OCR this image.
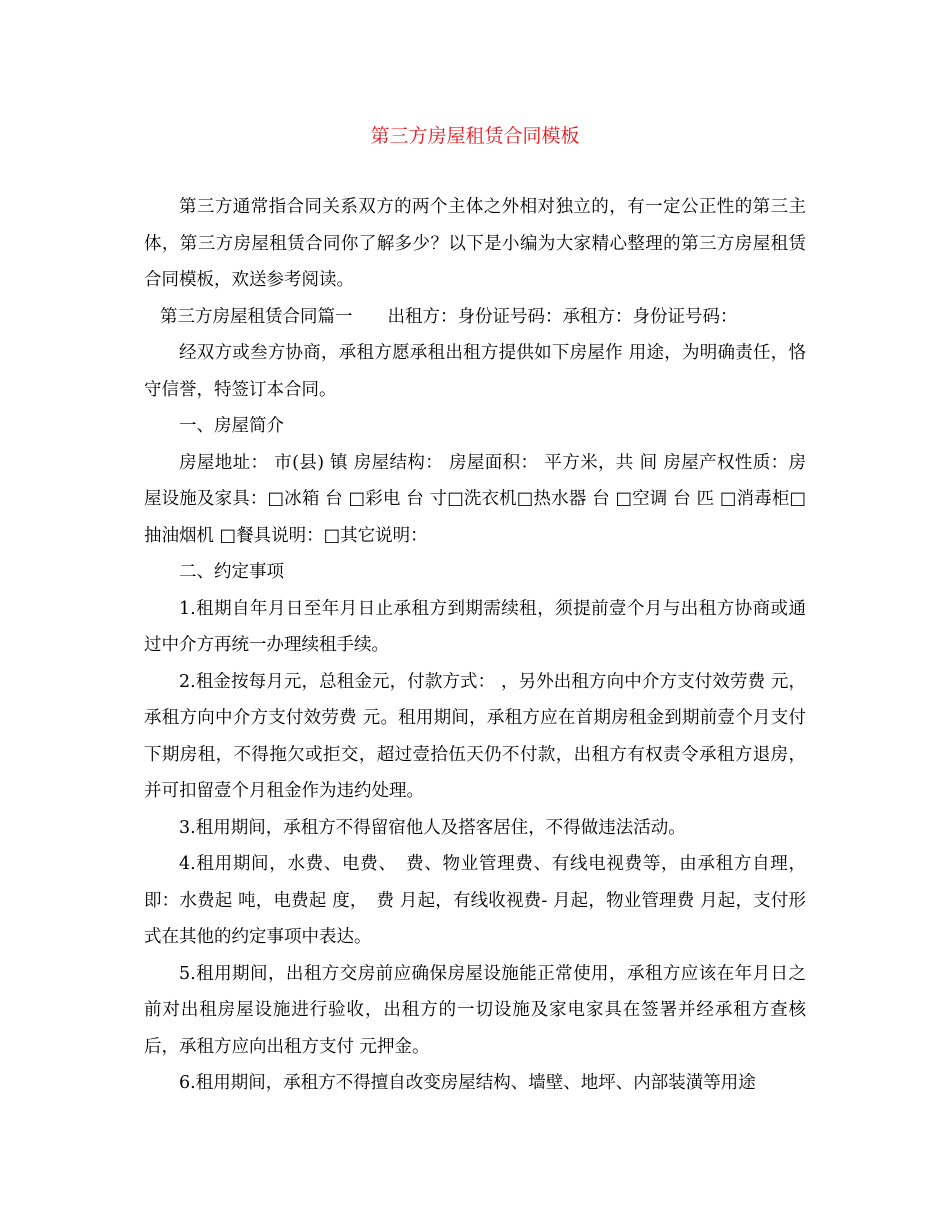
第三方房屋租赁合同模板

第三方通常指合同关系双方的两个主体之外相对独立的，有一定公正性的第三主体，第三方房屋租赁合同你了解多少？以下是小编为大家精心整理的第三方房屋租赁合同模板，欢送参考阅读。

第三方房屋租赁合同篇一　　出租方：身份证号码：承租方：身份证号码：

经双方或叁方协商，承租方愿承租出租方提供如下房屋作 用途，为明确责任，恪守信誉，特签订本合同。

一、房屋简介

房屋地址： 市(县) 镇 房屋结构： 房屋面积： 平方米，共 间 房屋产权性质：房屋设施及家具：□冰箱 台 □彩电 台 寸□洗衣机□热水器 台 □空调 台 匹 □消毒柜□抽油烟机 □餐具说明：□其它说明：

二、约定事项

1.租期自年月日至年月日止承租方到期需续租，须提前壹个月与出租方协商或通过中介方再统一办理续租手续。

2.租金按每月元，总租金元，付款方式： ，另外出租方向中介方支付效劳费 元，承租方向中介方支付效劳费 元。租用期间，承租方应在首期房租金到期前壹个月支付下期房租，不得拖欠或拒交，超过壹拾伍天仍不付款，出租方有权责令承租方退房，并可扣留壹个月租金作为违约处理。

3.租用期间，承租方不得留宿他人及搭客居住，不得做违法活动。

4.租用期间，水费、电费、　费、物业管理费、有线电视费等，由承租方自理，即：水费起 吨，电费起 度，　费 月起，有线收视费- 月起，物业管理费 月起，支付形式在其他的约定事项中表达。

5.租用期间，出租方交房前应确保房屋设施能正常使用，承租方应该在年月日之前对出租房屋设施进行验收，出租方的一切设施及家电家具在签署并经承租方查核后，承租方应向出租方支付 元押金。

6.租用期间，承租方不得擅自改变房屋结构、墙壁、地坪、内部装潢等用途
